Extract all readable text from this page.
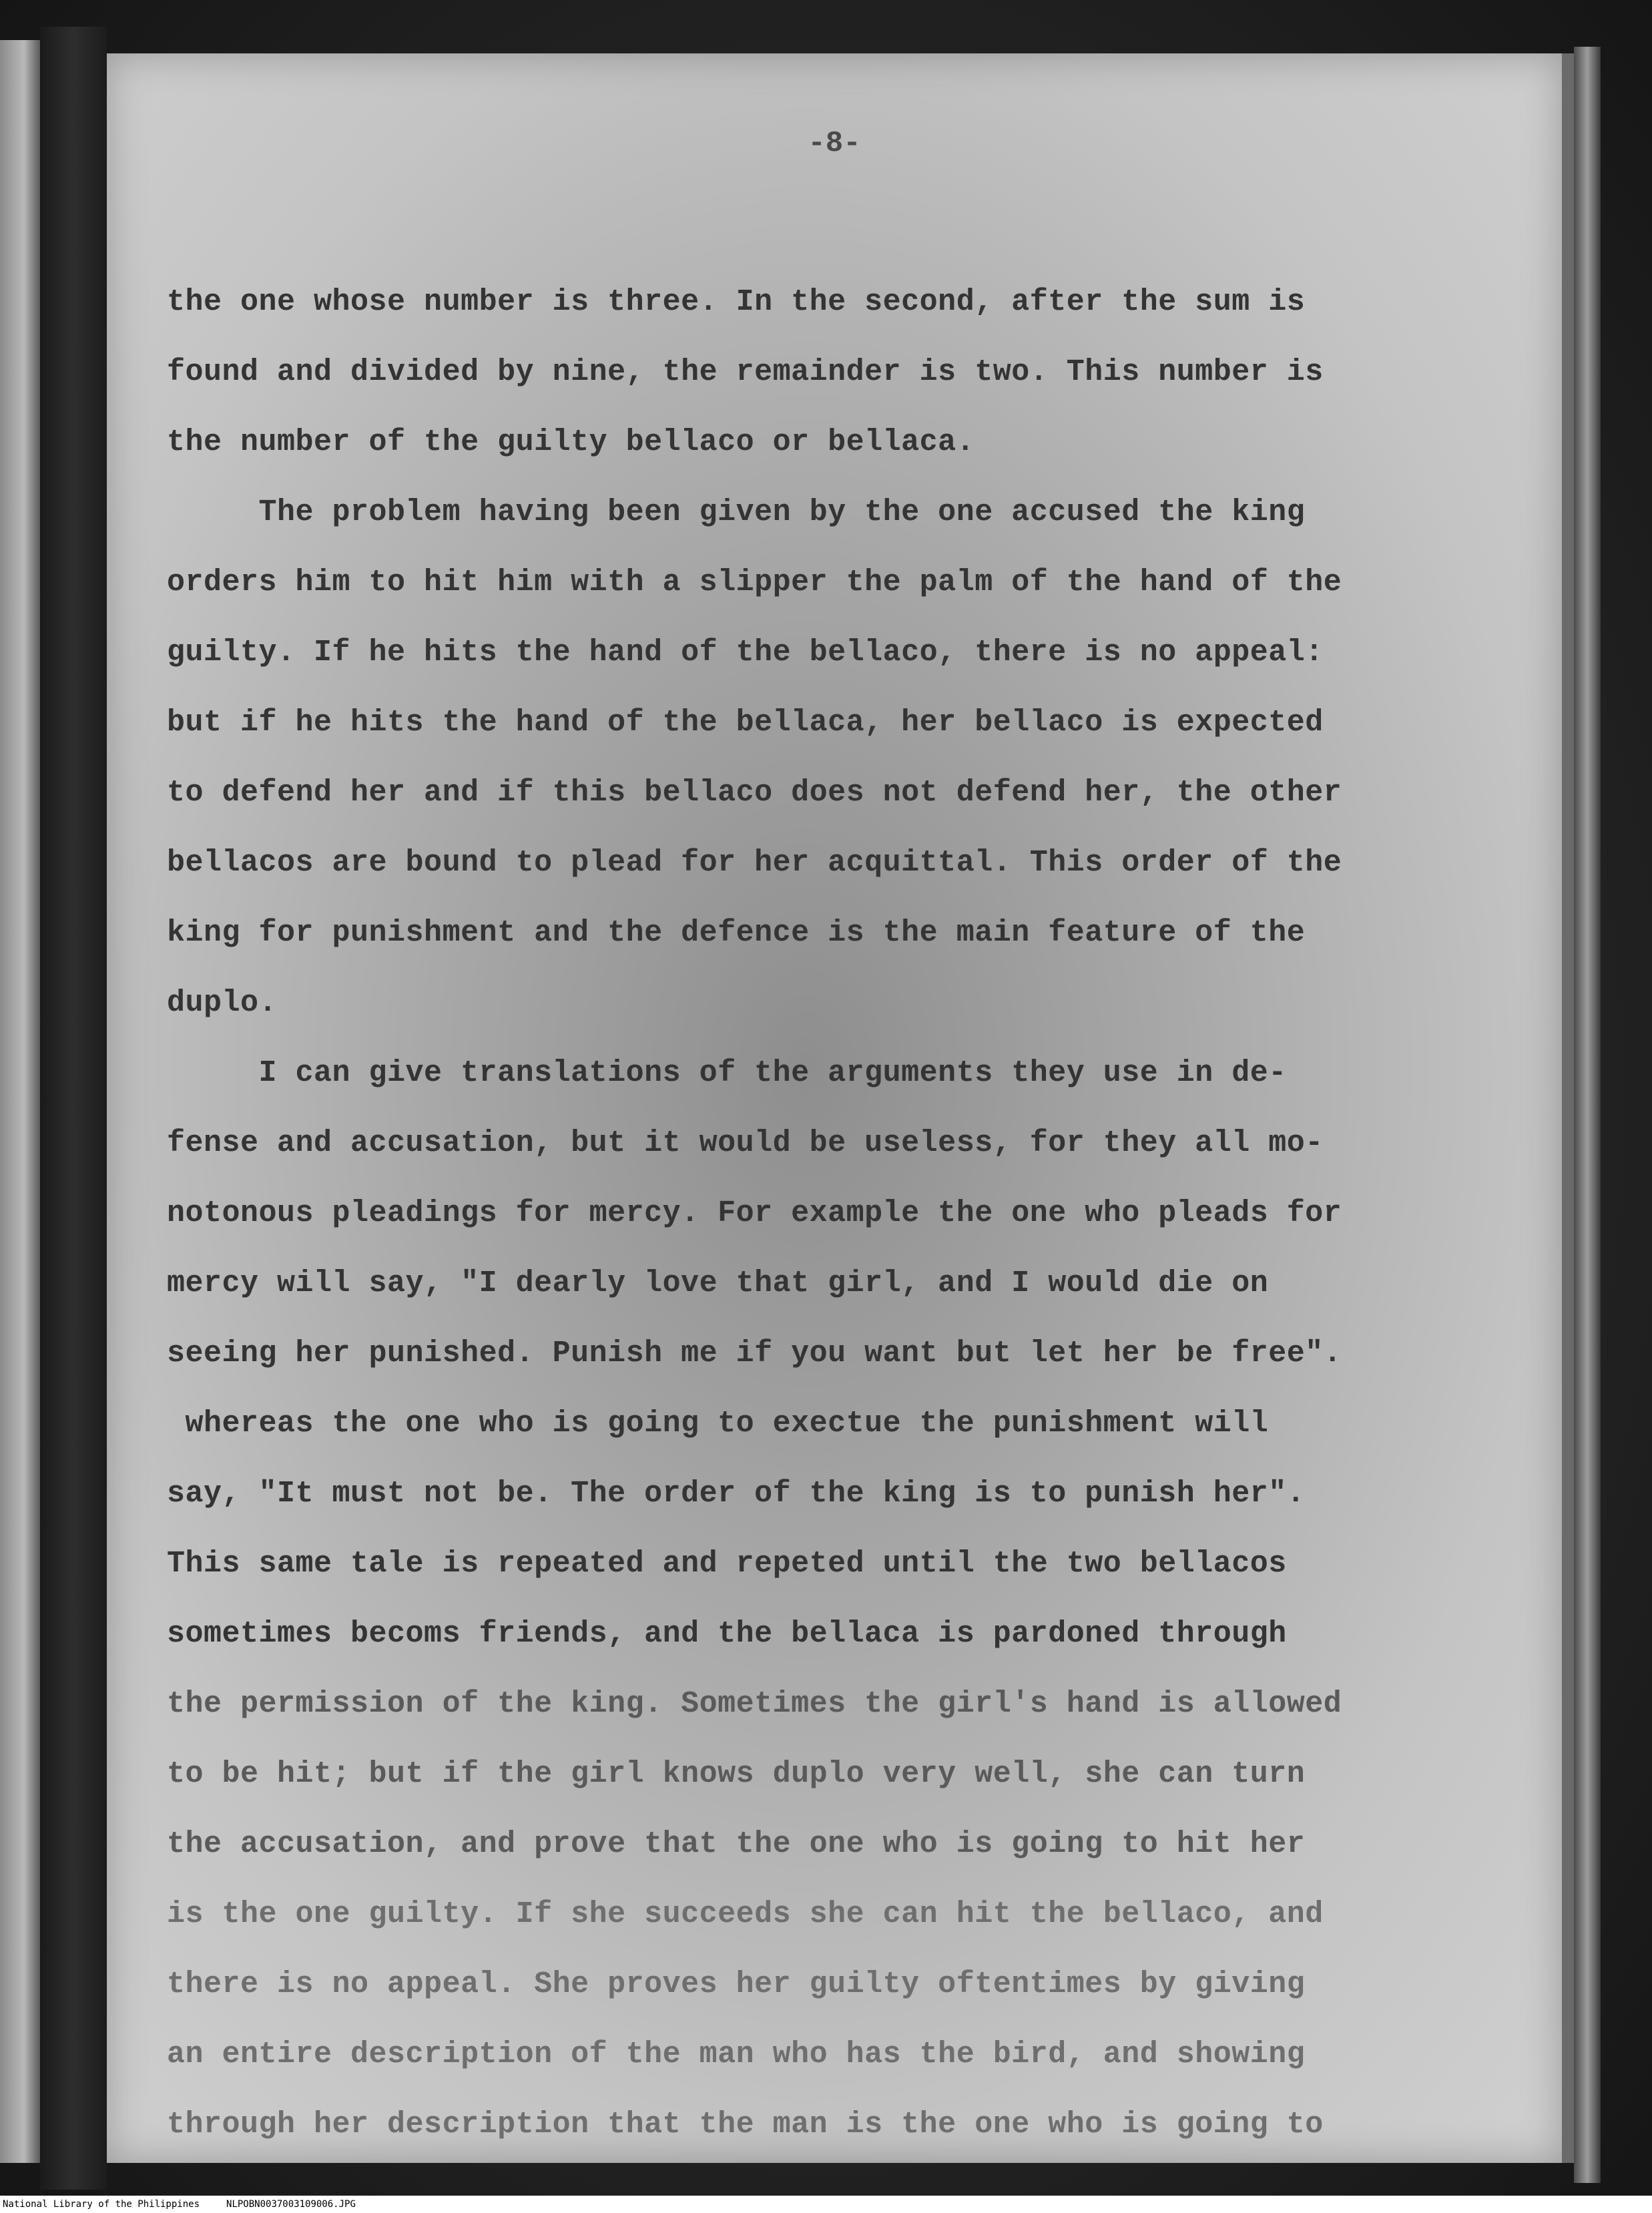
-8-
the one whose number is three. In the second, after the sum is
found and divided by nine, the remainder is two. This number is
the number of the guilty bellaco or bellaca.
The problem having been given by the one accused the king
orders him to hit him with a slipper the palm of the hand of the
guilty. If he hits the hand of the bellaco, there is no appeal:
but if he hits the hand of the bellaca, her bellaco is expected
to defend her and if this bellaco does not defend her, the other
bellacos are bound to plead for her acquittal. This order of the
king for punishment and the defence is the main feature of the
duplo.
I can give translations of the arguments they use in de-
fense and accusation, but it would be useless, for they all mo-
notonous pleadings for mercy. For example the one who pleads for
mercy will say, "I dearly love that girl, and I would die on
seeing her punished. Punish me if you want but let her be free".
whereas the one who is going to exectue the punishment will
say, "It must not be. The order of the king is to punish her".
This same tale is repeated and repeted until the two bellacos
sometimes becoms friends, and the bellaca is pardoned through
the permission of the king. Sometimes the girl's hand is allowed
to be hit; but if the girl knows duplo very well, she can turn
the accusation, and prove that the one who is going to hit her
is the one guilty. If she succeeds she can hit the bellaco, and
there is no appeal. She proves her guilty oftentimes by giving
an entire description of the man who has the bird, and showing
through her description that the man is the one who is going to
National Library of the Philippines	NLPOBN0037003109006.JPG
